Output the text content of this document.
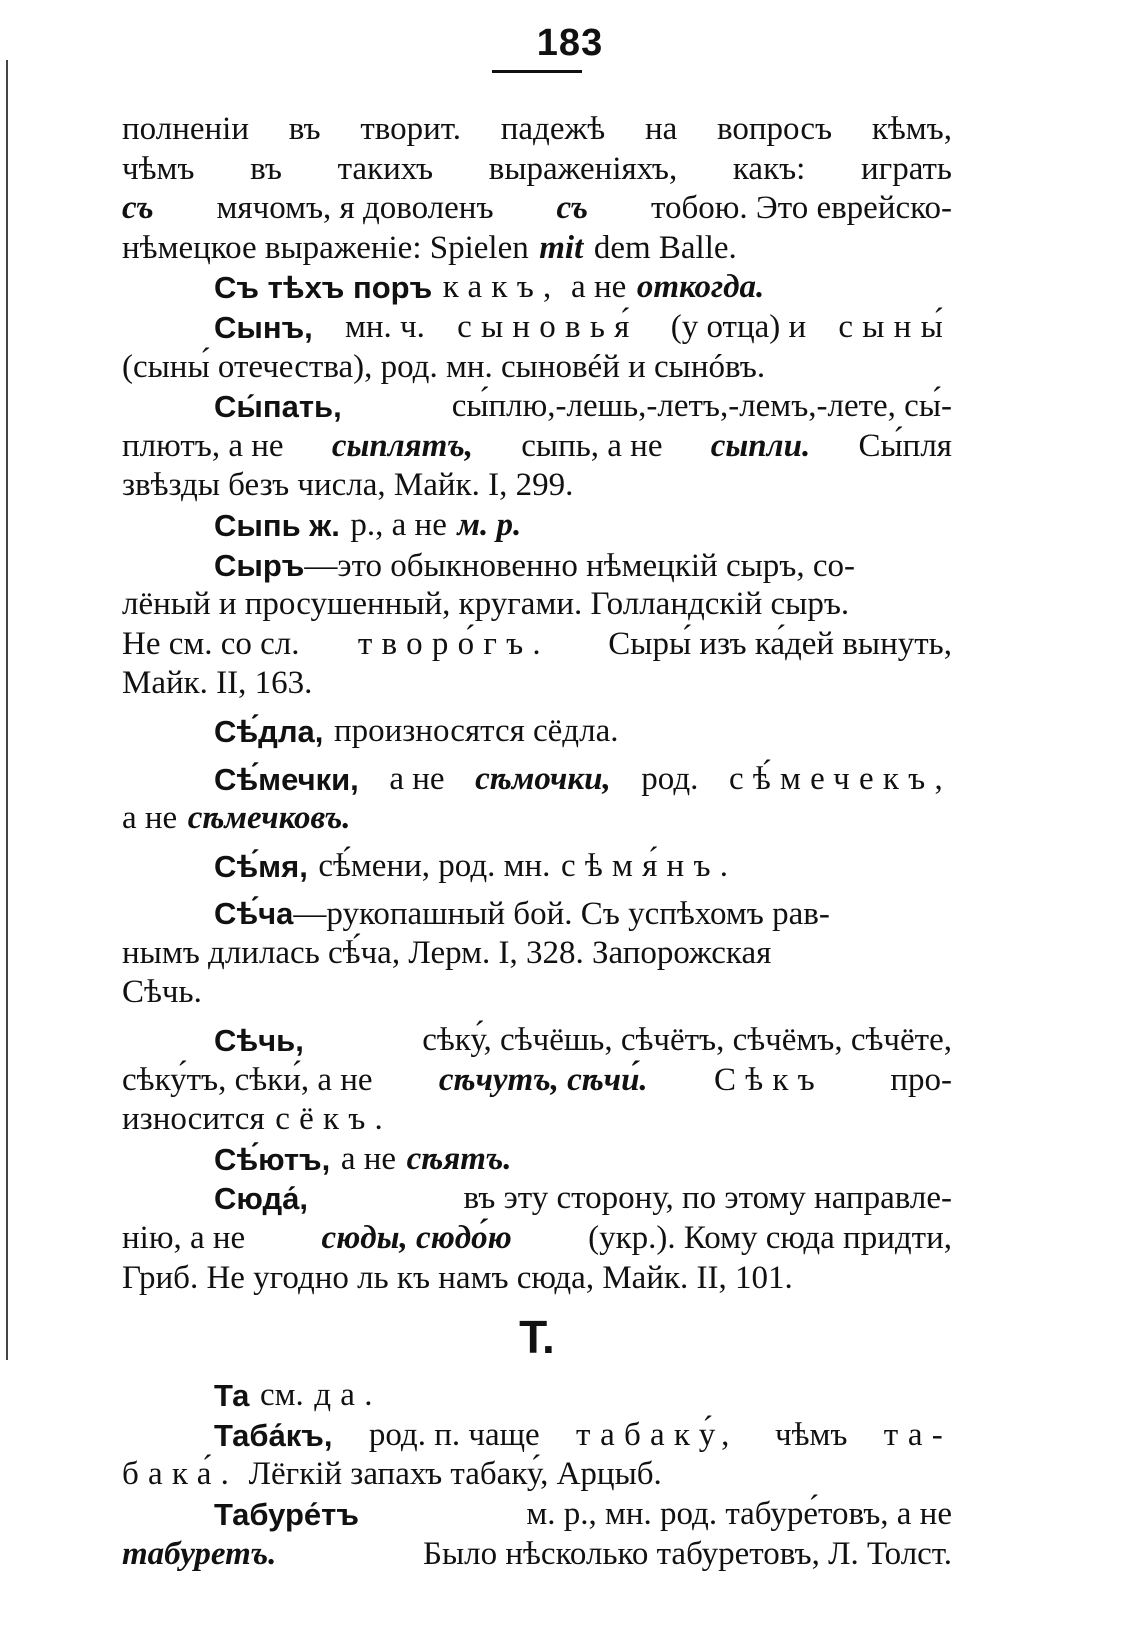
183
полненіи въ творит. падежѣ на вопросъ кѣмъ,
чѣмъ въ такихъ выраженіяхъ, какъ: играть
съ мячомъ, я доволенъ съ тобою. Это еврейско-
нѣмецкое выраженіе: Spielen mit dem Balle.
Съ тѣхъ поръ какъ, а не откогда.
Сынъ, мн. ч. сыновья́ (у отца) и сыны́
(сыны́ отечества), род. мн. сыновéй и сынóвъ.
Сы́пать,	сы́плю,-лешь,-летъ,-лемъ,-лете, сы́-
плютъ, а не сыплятъ, сыпь, а не сыпли. Сы́пля
звѣзды безъ числа, Майк. I, 299.
Сыпь ж. р., а не м. р.
Сыръ—это обыкновенно нѣмецкій сыръ, со-
лёный и просушенный, кругами. Голландскій сыръ.
Не см. со сл. творо́гъ. Сыры́ изъ ка́дей вынуть,
Майк. II, 163.
Сѣ́дла, произносятся сёдла.
Сѣ́мечки, а не сѣмочки, род. сѣ́мечекъ,
а не сѣмечковъ.
Сѣ́мя, сѣ́мени, род. мн. сѣмя́нъ.
Сѣ́ча—рукопашный бой. Съ успѣхомъ рав-
нымъ длилась сѣ́ча, Лерм. I, 328. Запорожская
Сѣчь.
Сѣчь,	сѣку́, сѣчёшь, сѣчётъ, сѣчёмъ, сѣчёте,
сѣку́тъ, сѣки́, а не сѣчутъ, сѣчи́. Сѣкъ про-
износится сёкъ.
Сѣ́ютъ, а не сѣятъ.
Сюда́,	въ эту сторону, по этому направле-
нію, а не сюды, сюдо́ю (укр.). Кому сюда придти,
Гриб. Не угодно ль къ намъ сюда, Майк. II, 101.
Т.
Та см. да.
Таба́къ, род. п. чаще табаку́, чѣмъ та-
бака́. Лёгкій запахъ табаку́, Арцыб.
Табуре́тъ	м. р., мн. род. табуре́товъ, а не
табуретъ.	Было нѣсколько табуретовъ, Л. Толст.
